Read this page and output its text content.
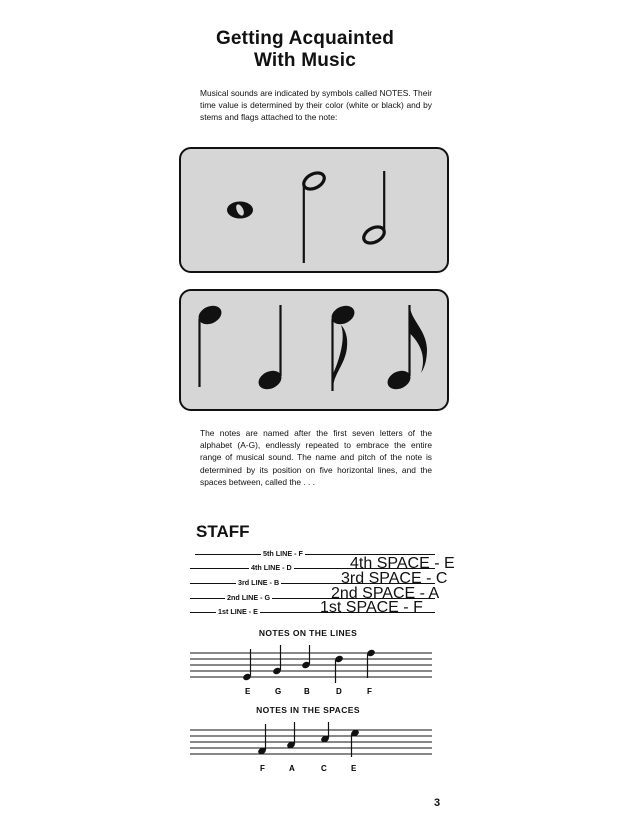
Getting Acquainted
With Music

Musical sounds are indicated by symbols called NOTES. Their time value is determined by their color (white or black) and by stems and flags attached to the note:

The notes are named after the first seven letters of the alphabet (A-G), endlessly repeated to embrace the entire range of musical sound. The name and pitch of the note is determined by its position on five horizontal lines, and the spaces between, called the . . .

STAFF
5th LINE - F
4th LINE - D
3rd LINE - B
2nd LINE - G
1st LINE - E
4th SPACE - E
3rd SPACE - C
2nd SPACE - A
1st SPACE - F
NOTES ON THE LINES
E	G	B	D	F
NOTES IN THE SPACES
F	A	C	E
3
